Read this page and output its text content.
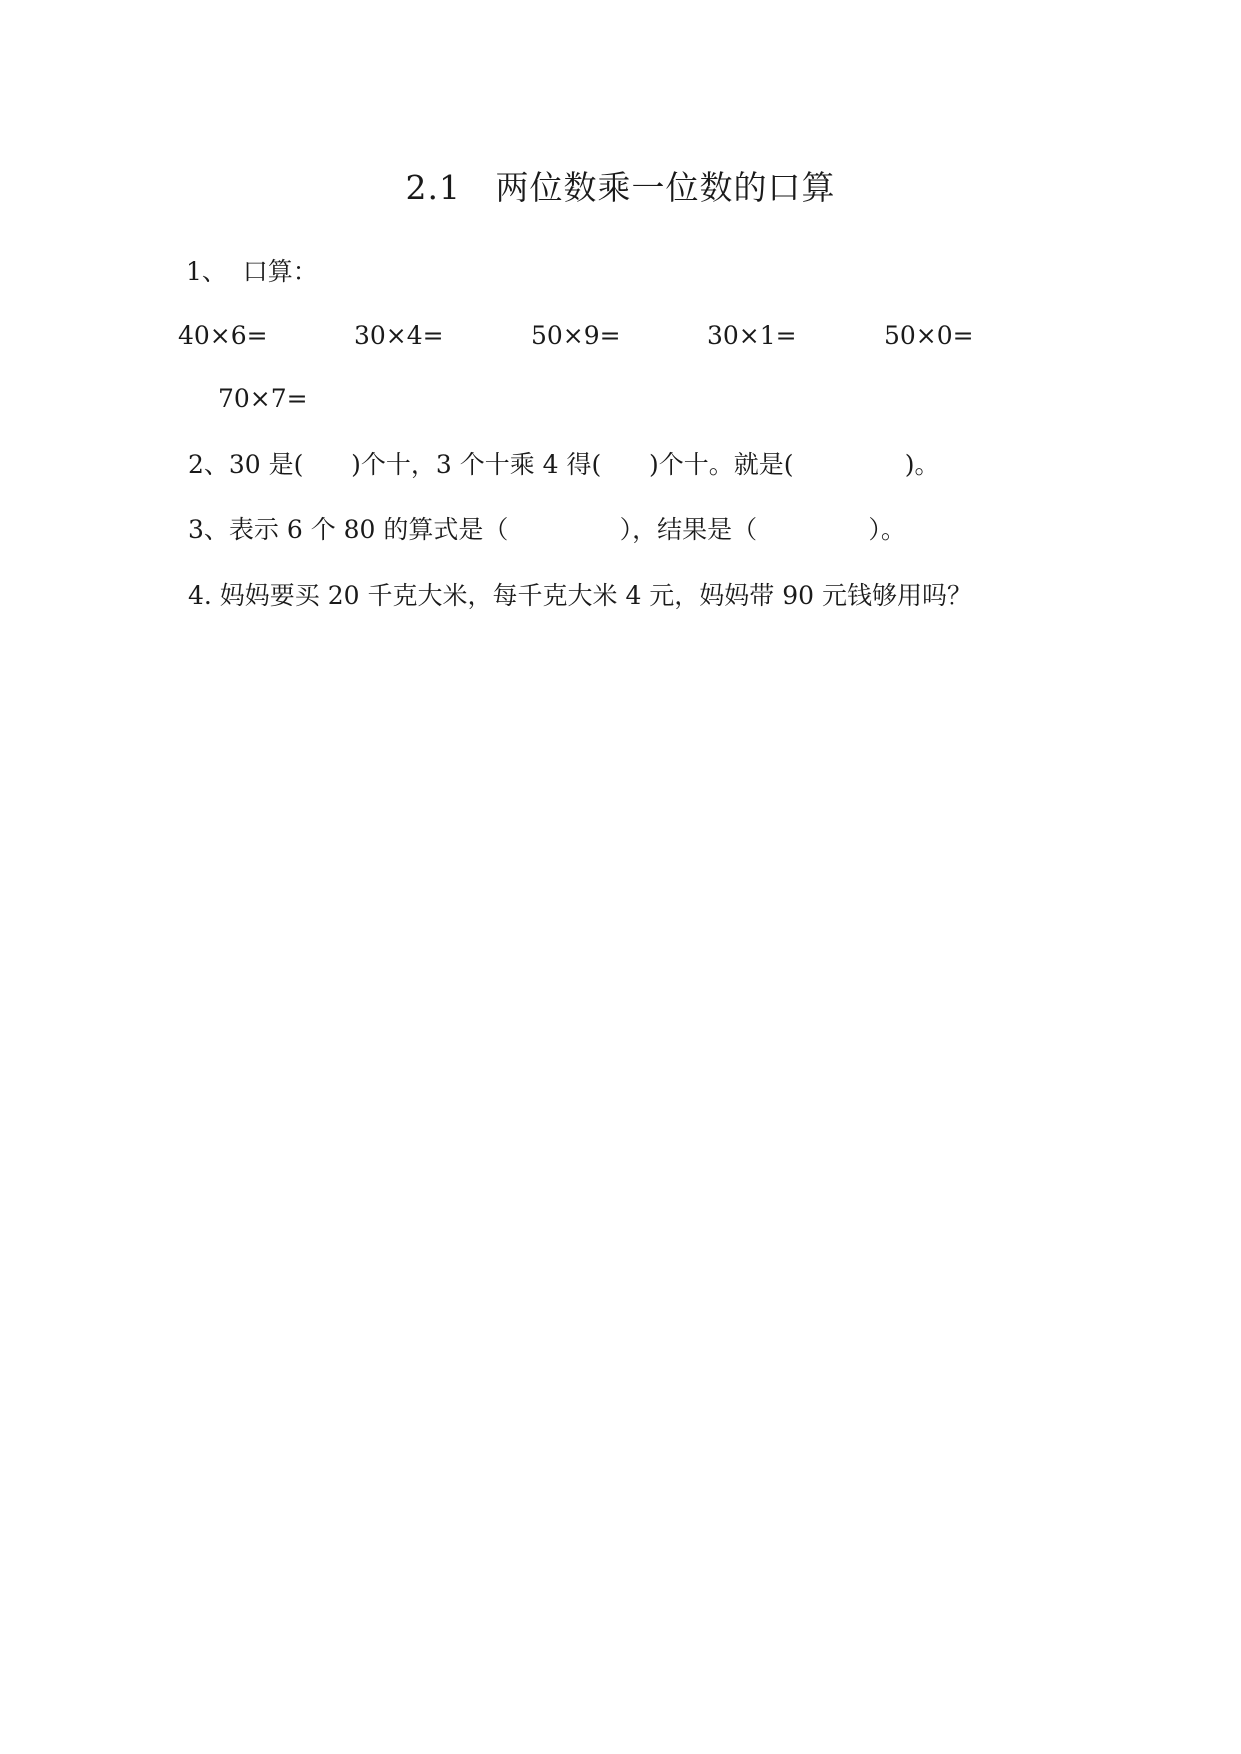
2.1   两位数乘一位数的口算
1、  口算：
40×6=	30×4=	50×9=	30×1=	50×0=
70×7=
2、30 是(      )个十，3 个十乘 4 得(      )个十。就是(              )。
3、表示 6 个 80 的算式是（              ），结果是（              ）。
4. 妈妈要买 20 千克大米，每千克大米 4 元，妈妈带 90 元钱够用吗？
